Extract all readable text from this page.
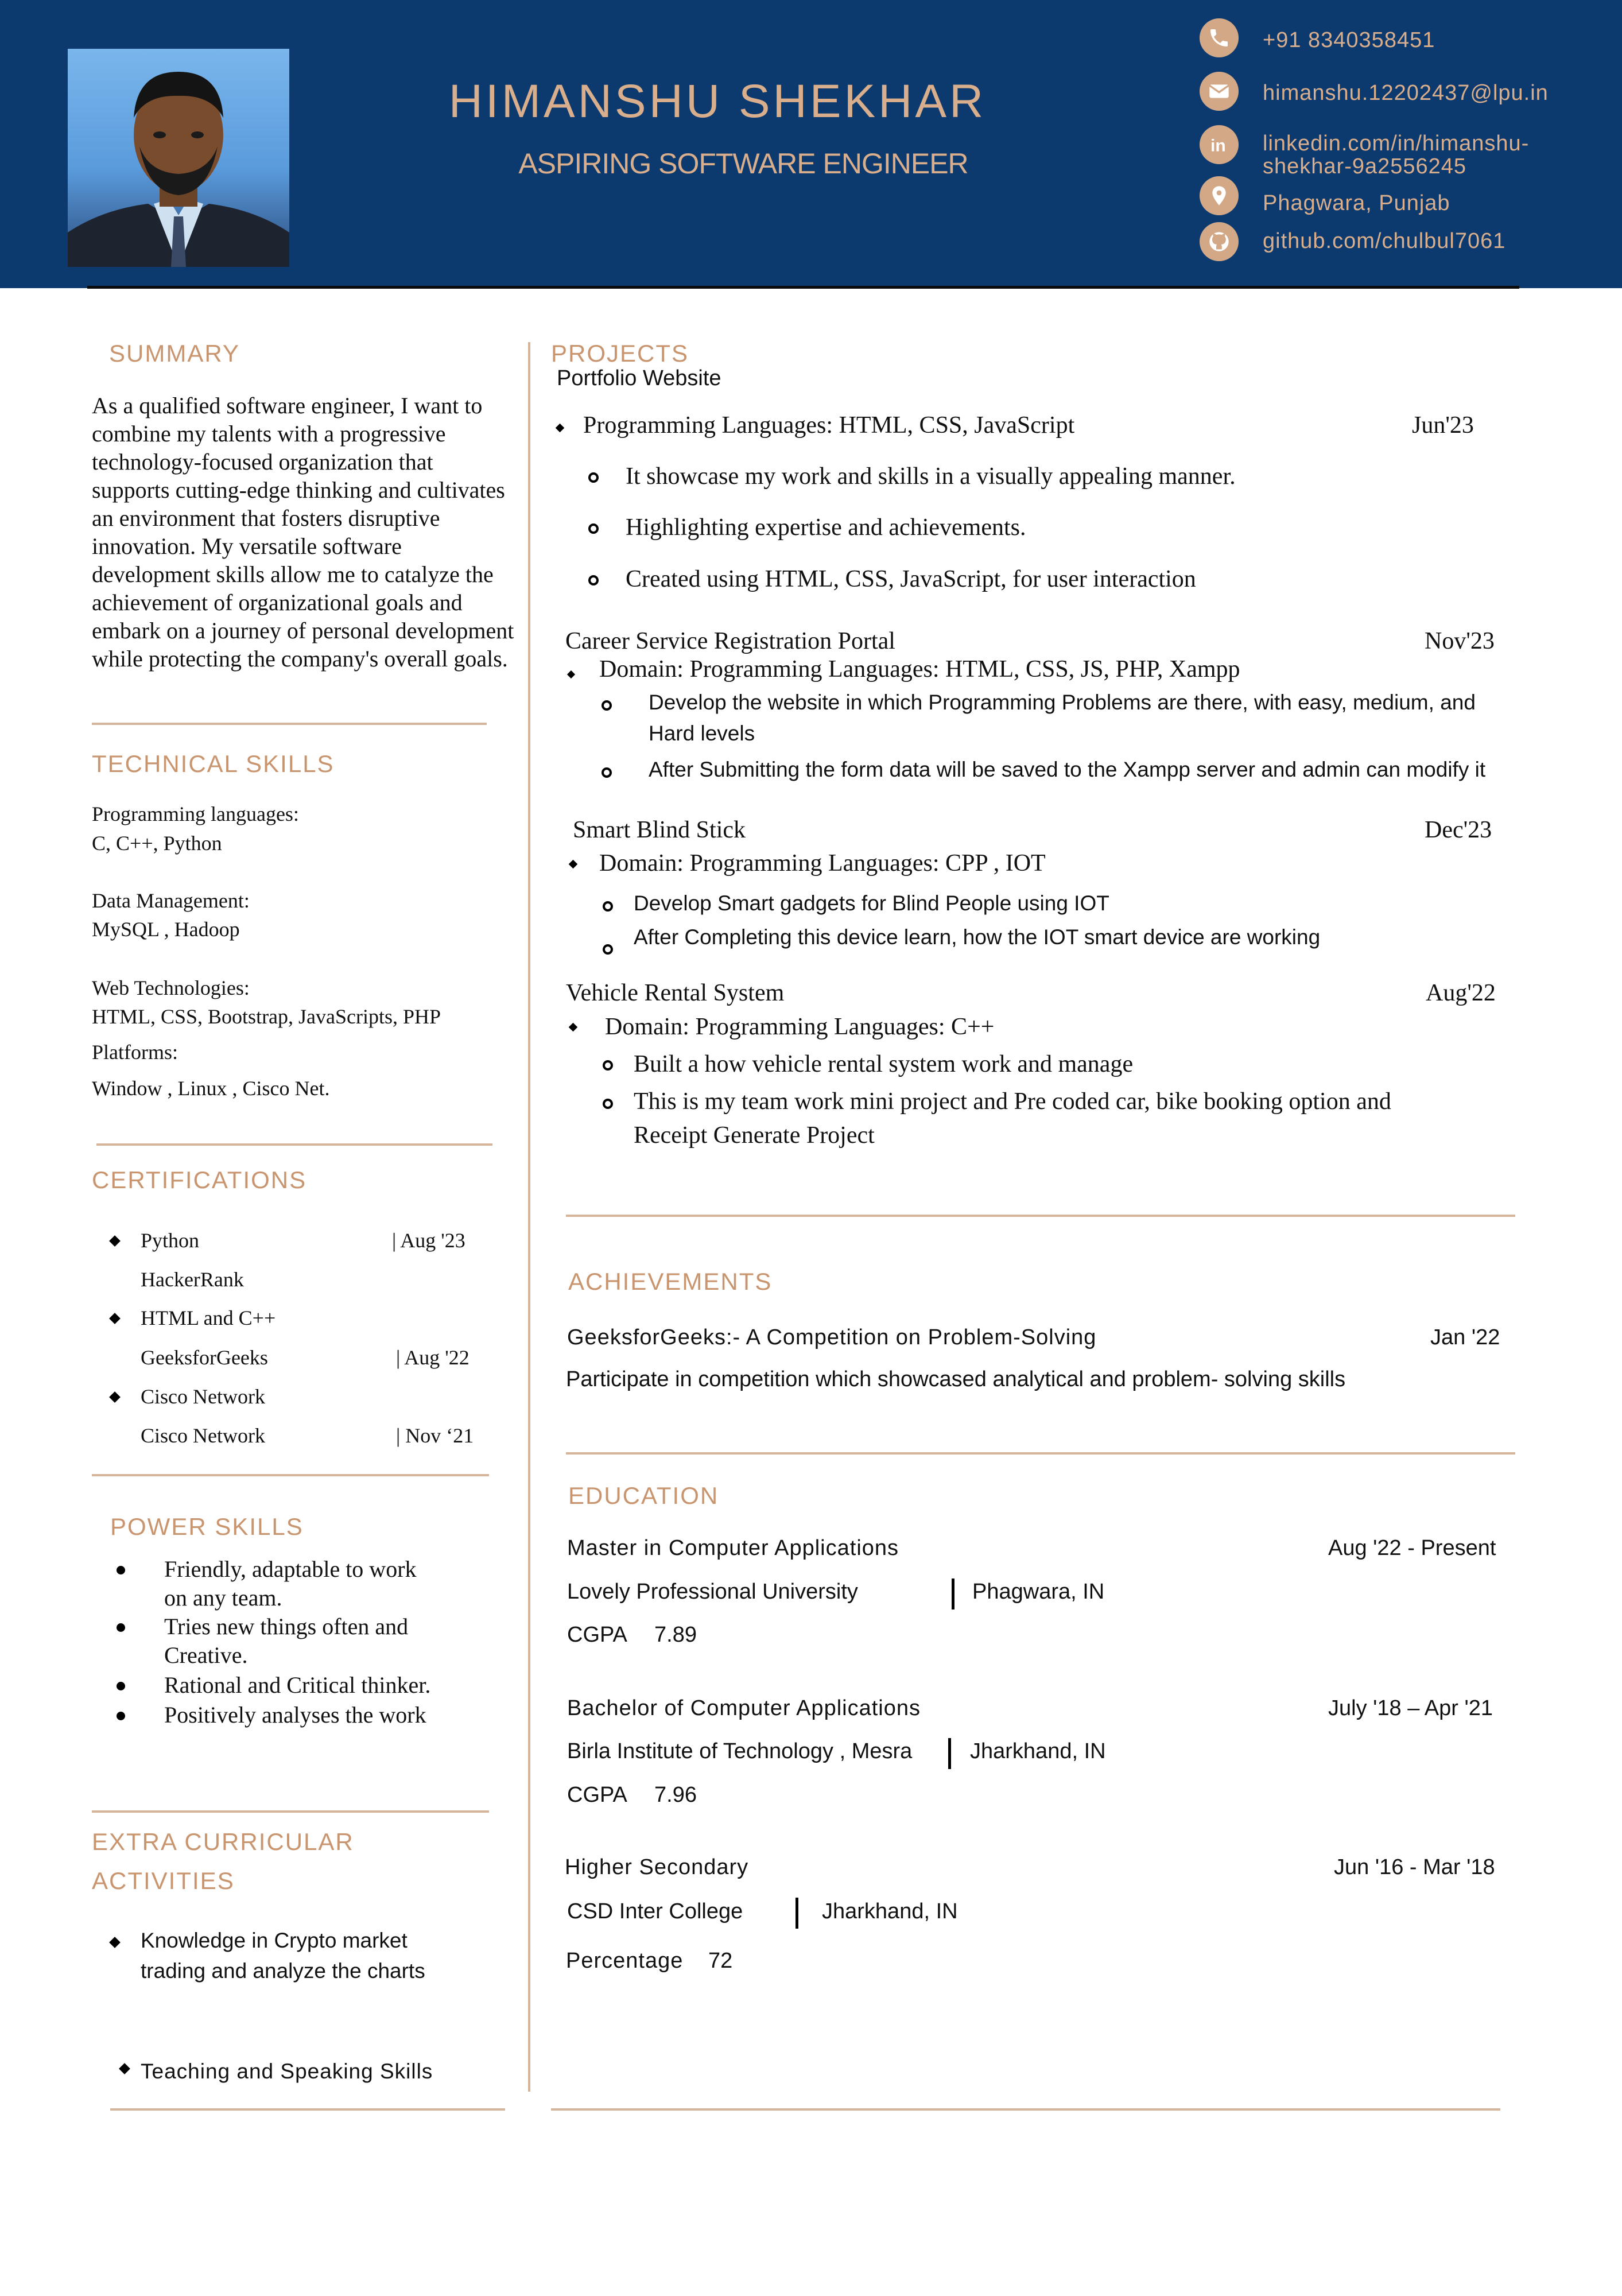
HIMANSHU SHEKHAR
ASPIRING SOFTWARE ENGINEER
+91 8340358451
himanshu.12202437@lpu.in
in linkedin.com/in/himanshu-
shekhar-9a2556245
Phagwara, Punjab
github.com/chulbul7061
SUMMARY
As a qualified software engineer, I want to combine my talents with a progressive technology-focused organization that supports cutting-edge thinking and cultivates an environment that fosters disruptive innovation. My versatile software development skills allow me to catalyze the achievement of organizational goals and embark on a journey of personal development while protecting the company's overall goals.
TECHNICAL SKILLS
Programming languages:
C, C++, Python
Data Management:
MySQL , Hadoop
Web Technologies:
HTML, CSS, Bootstrap, JavaScripts, PHP
Platforms:
Window , Linux , Cisco Net.
CERTIFICATIONS
Python	| Aug '23
HackerRank
HTML and C++
GeeksforGeeks	| Aug '22
Cisco Network
Cisco Network	| Nov ‘21
POWER SKILLS
Friendly, adaptable to work
on any team.
Tries new things often and
Creative.
Rational and Critical thinker.
Positively analyses the work
EXTRA CURRICULAR
ACTIVITIES
Knowledge in Crypto market
trading and analyze the charts
Teaching and Speaking Skills
PROJECTS
Portfolio Website
Programming Languages: HTML, CSS, JavaScript	Jun'23
It showcase my work and skills in a visually appealing manner.
Highlighting expertise and achievements.
Created using HTML, CSS, JavaScript, for user interaction
Career Service Registration Portal	Nov'23
Domain: Programming Languages: HTML, CSS, JS, PHP, Xampp
Develop the website in which Programming Problems are there, with easy, medium, and
Hard levels
After Submitting the form data will be saved to the Xampp server and admin can modify it
Smart Blind Stick	Dec'23
Domain: Programming Languages: CPP , IOT
Develop Smart gadgets for Blind People using IOT
After Completing this device learn, how the IOT smart device are working
Vehicle Rental System	Aug'22
Domain: Programming Languages: C++
Built a how vehicle rental system work and manage
This is my team work mini project and Pre coded car, bike booking option and
Receipt Generate Project
ACHIEVEMENTS
GeeksforGeeks:- A Competition on Problem-Solving	Jan '22
Participate in competition which showcased analytical and problem- solving skills
EDUCATION
Master in Computer Applications	Aug '22 - Present
Lovely Professional University	Phagwara, IN
CGPA 7.89
Bachelor of Computer Applications	July '18 – Apr '21
Birla Institute of Technology , Mesra	Jharkhand, IN
CGPA 7.96
Higher Secondary	Jun '16 - Mar '18
CSD Inter College	Jharkhand, IN
Percentage 72
